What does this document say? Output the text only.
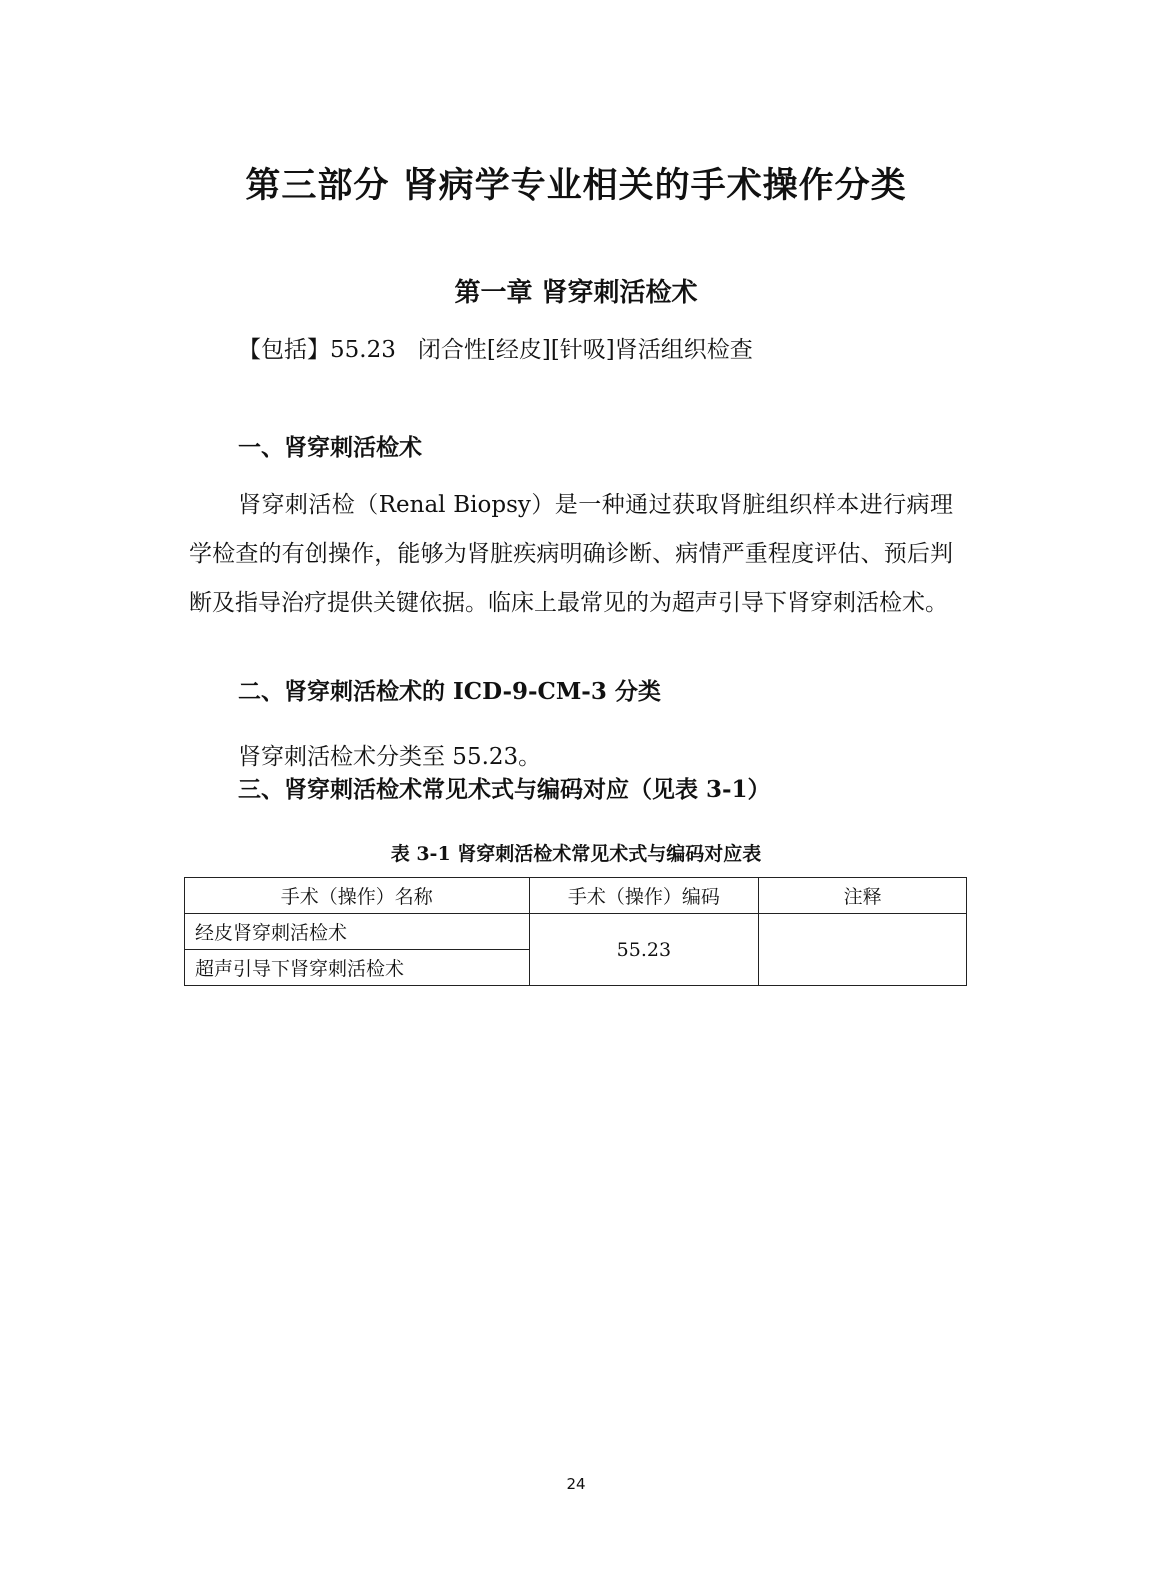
第三部分 肾病学专业相关的手术操作分类
第一章 肾穿刺活检术

【包括】55.23 闭合性[经皮][针吸]肾活组织检查

一、肾穿刺活检术

肾穿刺活检（Renal Biopsy）是一种通过获取肾脏组织样本进行病理学检查的有创操作，能够为肾脏疾病明确诊断、病情严重程度评估、预后判断及指导治疗提供关键依据。临床上最常见的为超声引导下肾穿刺活检术。

二、肾穿刺活检术的 ICD-9-CM-3 分类

肾穿刺活检术分类至 55.23。

三、肾穿刺活检术常见术式与编码对应（见表 3-1）

表 3-1 肾穿刺活检术常见术式与编码对应表

手术（操作）名称	手术（操作）编码	注释
经皮肾穿刺活检术	55.23	
超声引导下肾穿刺活检术		

24
